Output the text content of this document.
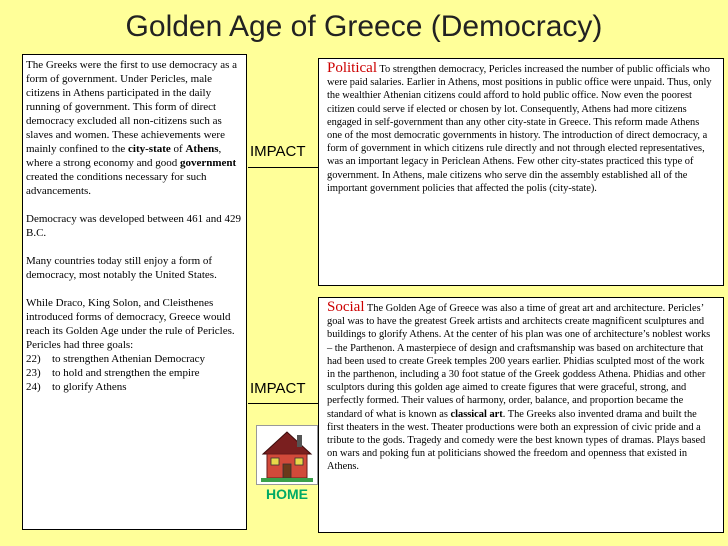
Golden Age of Greece (Democracy)

The Greeks were the first to use democracy as a form of government. Under Pericles, male citizens in Athens participated in the daily running of government. This form of direct democracy excluded all non-citizens such as slaves and women. These achievements were mainly confined to the city-state of Athens, where a strong economy and good government created the conditions necessary for such advancements.

Democracy was developed between 461 and 429 B.C.

Many countries today still enjoy a form of democracy, most notably the United States.

While Draco, King Solon, and Cleisthenes introduced forms of democracy, Greece would reach its Golden Age under the rule of Pericles. Pericles had three goals:

22)	to strengthen Athenian Democracy
23)	to hold and strengthen the empire
24)	to glorify Athens
IMPACT
IMPACT
Political To strengthen democracy, Pericles increased the number of public officials who were paid salaries. Earlier in Athens, most positions in public office were unpaid. Thus, only the wealthier Athenian citizens could afford to hold public office. Now even the poorest citizen could serve if elected or chosen by lot. Consequently, Athens had more citizens engaged in self-government than any other city-state in Greece. This reform made Athens one of the most democratic governments in history. The introduction of direct democracy, a form of government in which citizens rule directly and not through elected representatives, was an important legacy in Periclean Athens. Few other city-states practiced this type of government. In Athens, male citizens who serve din the assembly established all of the important government policies that affected the polis (city-state).
Social The Golden Age of Greece was also a time of great art and architecture. Pericles’ goal was to have the greatest Greek artists and architects create magnificent sculptures and buildings to glorify Athens. At the center of his plan was one of architecture’s noblest works – the Parthenon. A masterpiece of design and craftsmanship was based on architecture that had been used to create Greek temples 200 years earlier. Phidias sculpted most of the work in the parthenon, including a 30 foot statue of the Greek goddess Athena. Phidias and other sculptors during this golden age aimed to create figures that were graceful, strong, and perfectly formed. Their values of harmony, order, balance, and proportion became the standard of what is known as classical art. The Greeks also invented drama and built the first theaters in the west. Theater productions were both an expression of civic pride and a tribute to the gods. Tragedy and comedy were the best known types of dramas. Plays based on wars and poking fun at politicians showed the freedom and openness that existed in Athens.
HOME
